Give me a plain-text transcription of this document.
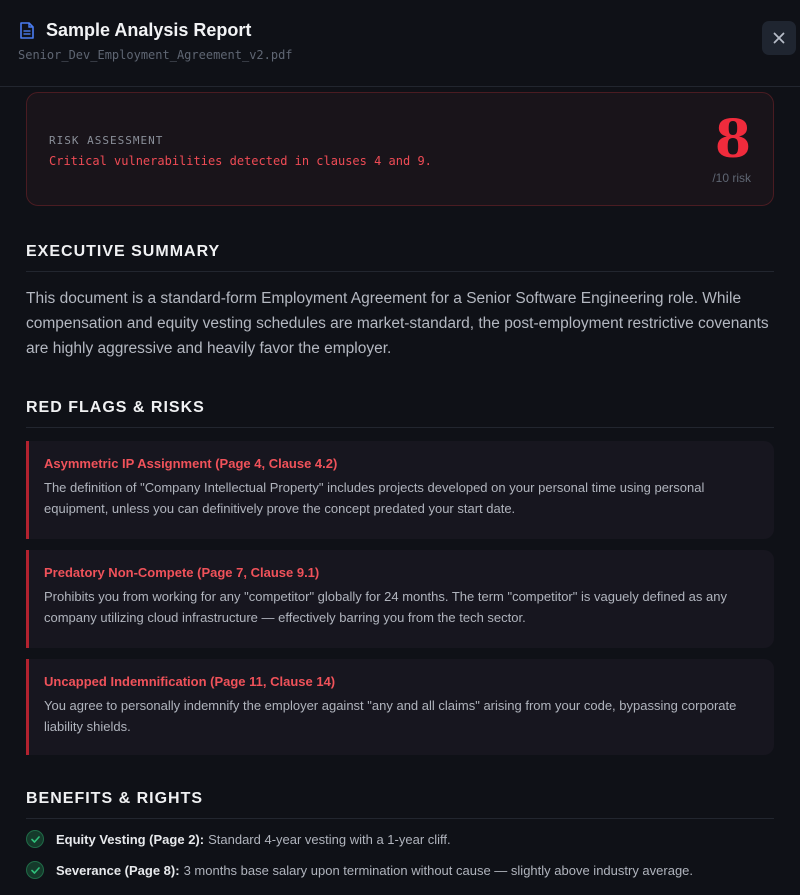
Sample Analysis Report
Senior_Dev_Employment_Agreement_v2.pdf
RISK ASSESSMENT
Critical vulnerabilities detected in clauses 4 and 9.	8
/10 risk
EXECUTIVE SUMMARY
This document is a standard-form Employment Agreement for a Senior Software Engineering role. While compensation and equity vesting schedules are market-standard, the post-employment restrictive covenants are highly aggressive and heavily favor the employer.
RED FLAGS & RISKS
Asymmetric IP Assignment (Page 4, Clause 4.2)
The definition of "Company Intellectual Property" includes projects developed on your personal time using personal equipment, unless you can definitively prove the concept predated your start date.
Predatory Non-Compete (Page 7, Clause 9.1)
Prohibits you from working for any "competitor" globally for 24 months. The term "competitor" is vaguely defined as any company utilizing cloud infrastructure — effectively barring you from the tech sector.
Uncapped Indemnification (Page 11, Clause 14)
You agree to personally indemnify the employer against "any and all claims" arising from your code, bypassing corporate liability shields.
BENEFITS & RIGHTS
Equity Vesting (Page 2): Standard 4-year vesting with a 1-year cliff.
Severance (Page 8): 3 months base salary upon termination without cause — slightly above industry average.
